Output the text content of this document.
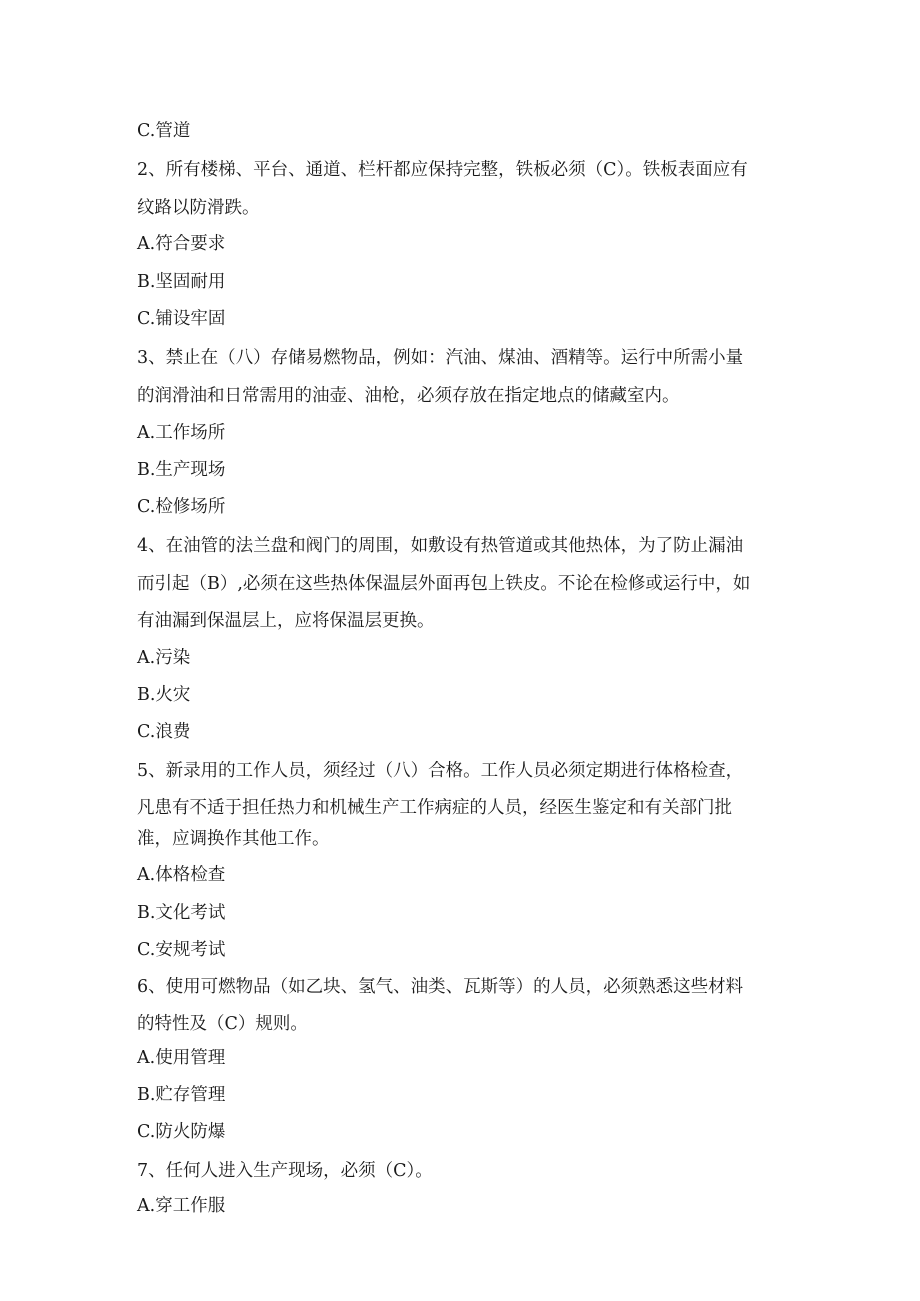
C.管道
2、所有楼梯、平台、通道、栏杆都应保持完整，铁板必须（C）。铁板表面应有
纹路以防滑跌。
A.符合要求
B.坚固耐用
C.铺设牢固
3、禁止在（八）存储易燃物品，例如：汽油、煤油、酒精等。运行中所需小量
的润滑油和日常需用的油壶、油枪，必须存放在指定地点的储藏室内。
A.工作场所
B.生产现场
C.检修场所
4、在油管的法兰盘和阀门的周围，如敷设有热管道或其他热体，为了防止漏油
而引起（B）,必须在这些热体保温层外面再包上铁皮。不论在检修或运行中，如
有油漏到保温层上，应将保温层更换。
A.污染
B.火灾
C.浪费
5、新录用的工作人员，须经过（八）合格。工作人员必须定期进行体格检查，
凡患有不适于担任热力和机械生产工作病症的人员，经医生鉴定和有关部门批
准，应调换作其他工作。
A.体格检查
B.文化考试
C.安规考试
6、使用可燃物品（如乙块、氢气、油类、瓦斯等）的人员，必须熟悉这些材料
的特性及（C）规则。
A.使用管理
B.贮存管理
C.防火防爆
7、任何人进入生产现场，必须（C）。
A.穿工作服
